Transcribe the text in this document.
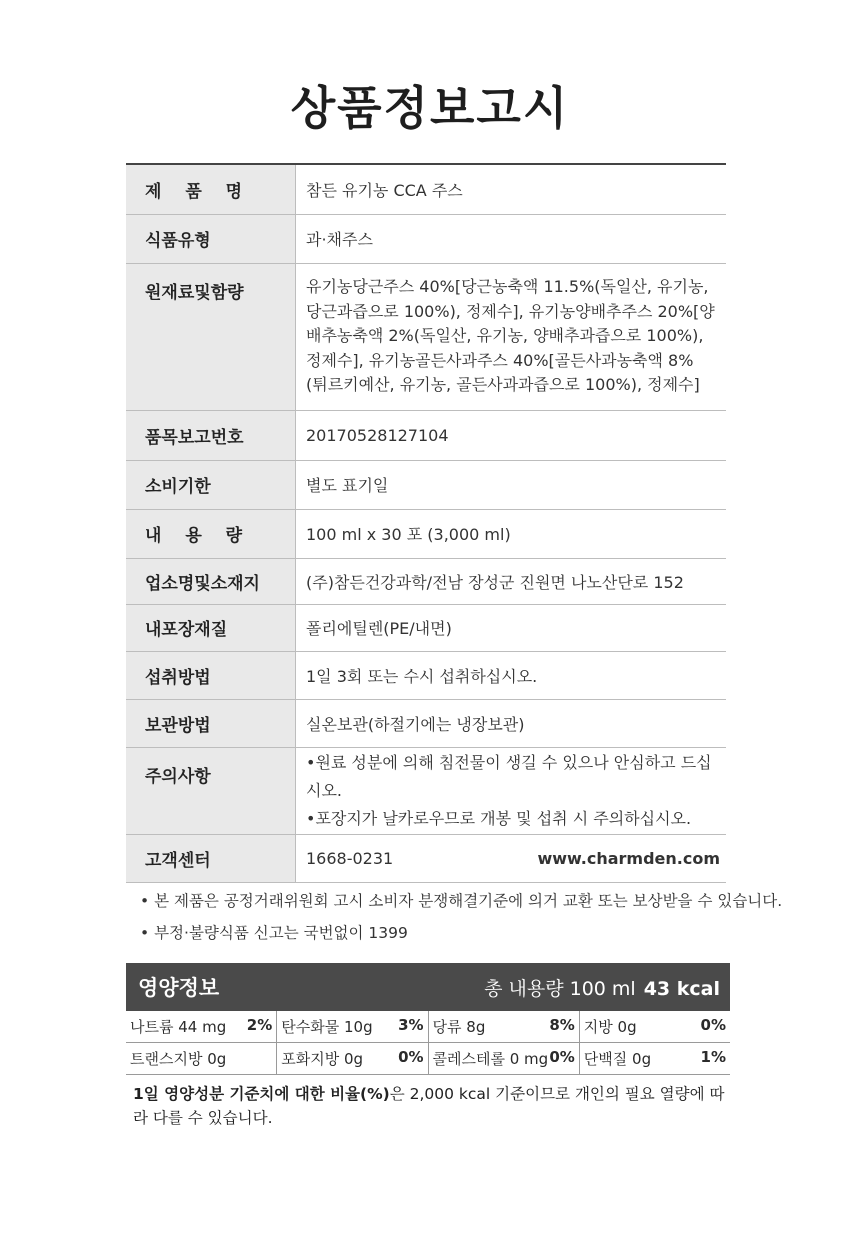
상품정보고시
제 품 명	참든 유기농 CCA 주스
식품유형	과·채주스
원재료및함량	유기농당근주스 40%[당근농축액 11.5%(독일산, 유기농,
당근과즙으로 100%), 정제수], 유기농양배추주스 20%[양
배추농축액 2%(독일산, 유기농, 양배추과즙으로 100%),
정제수], 유기농골든사과주스 40%[골든사과농축액 8%
(튀르키예산, 유기농, 골든사과과즙으로 100%), 정제수]

품목보고번호	20170528127104
소비기한	별도 표기일
내 용 량	100 ml x 30 포 (3,000 ml)
업소명및소재지	(주)참든건강과학/전남 장성군 진원면 나노산단로 152
내포장재질	폴리에틸렌(PE/내면)
섭취방법	1일 3회 또는 수시 섭취하십시오.
보관방법	실온보관(하절기에는 냉장보관)
주의사항	•원료 성분에 의해 침전물이 생길 수 있으나 안심하고 드십시오.
•포장지가 날카로우므로 개봉 및 섭취 시 주의하십시오.

고객센터	1668-0231 www.charmden.com
• 본 제품은 공정거래위원회 고시 소비자 분쟁해결기준에 의거 교환 또는 보상받을 수 있습니다.
• 부정·불량식품 신고는 국번없이 1399
영양정보	총 내용량 100 ml 43 kcal
나트륨 44 mg 2%	탄수화물 10g 3%	당류 8g 8%	지방 0g 0%

트랜스지방 0g	포화지방 0g 0%	콜레스테롤 0 mg 0%	단백질 0g 1%
1일 영양성분 기준치에 대한 비율(%)은 2,000 kcal 기준이므로 개인의 필요 열량에 따라 다를 수 있습니다.
